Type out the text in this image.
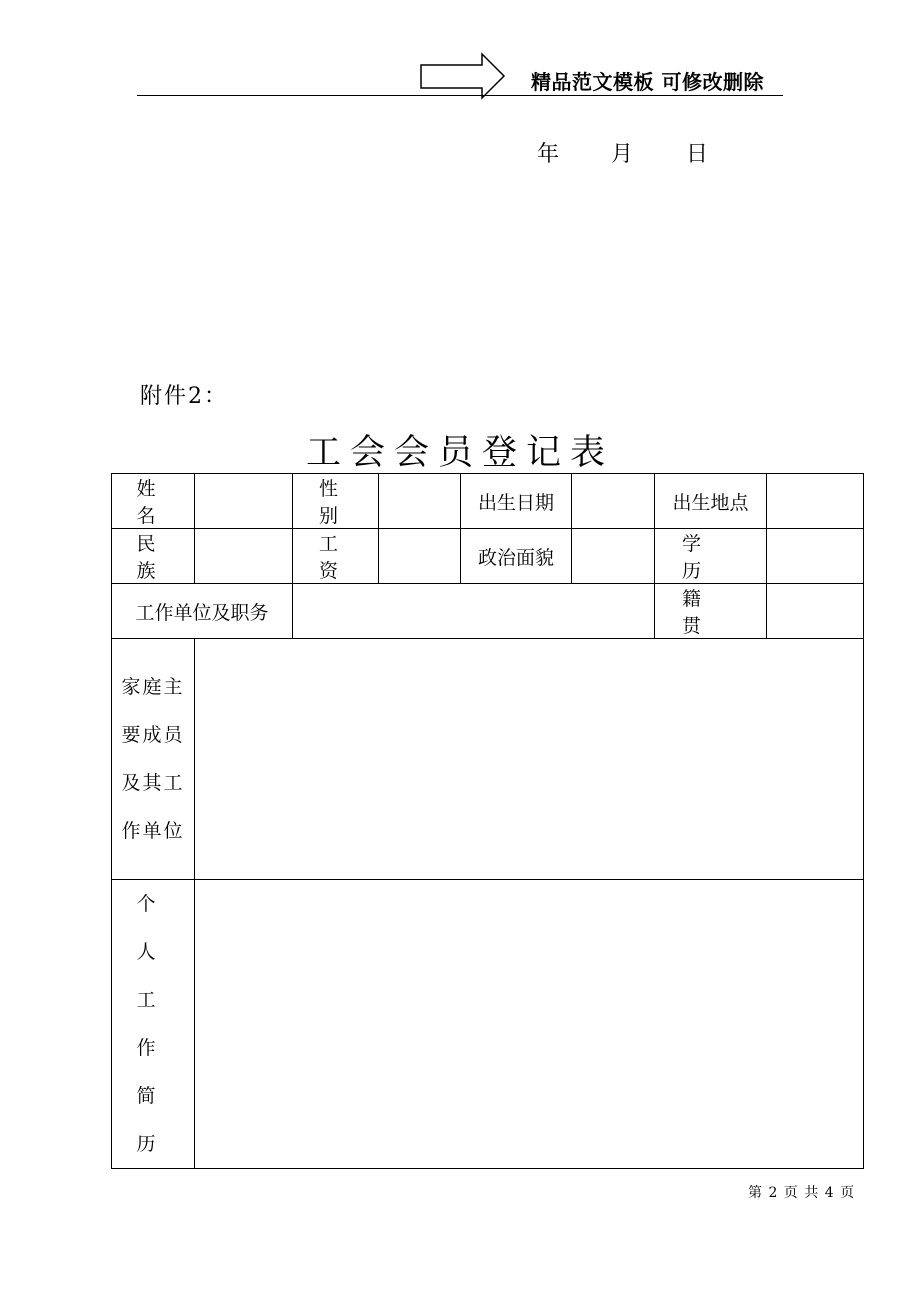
精品范文模板 可修改删除
年 月 日
附件2：
工会会员登记表
姓 名		性 别		出生日期		出生地点	
民 族		工 资		政治面貌		学 历	
工作单位及职务						籍 贯	

家庭主
要成员
及其工
作单位							

个 人
工 作
简 历							

第 2 页 共 4 页
